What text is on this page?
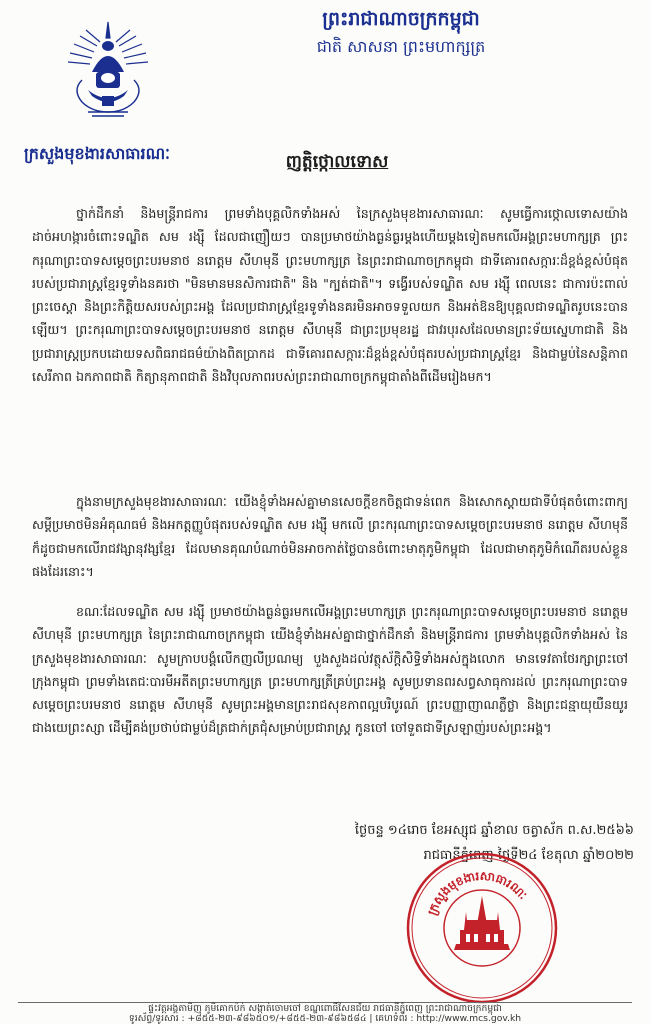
ព្រះរាជាណាចក្រកម្ពុជា
ជាតិ សាសនា ព្រះមហាក្សត្រ
ក្រសួងមុខងារសាធារណៈ	ញត្តិថ្កោលទោស
ថ្នាក់ដឹកនាំ និងមន្ត្រីរាជការ ព្រមទាំងបុគ្គលិកទាំងអស់ នៃក្រសួងមុខងារសាធារណៈ សូមធ្វើការថ្កោលទោសយ៉ាងដាច់អហង្ការចំពោះទណ្ឌិត សម រង្ស៊ី ដែលជាញឿយៗ បានប្រមាថយ៉ាងធ្ងន់ធ្ងរម្តងហើយម្តងទៀតមកលើអង្គព្រះមហាក្សត្រ ព្រះករុណាព្រះបាទសម្តេចព្រះបរមនាថ នរោត្តម សីហមុនី ព្រះមហាក្សត្រ នៃព្រះរាជាណាចក្រកម្ពុជា ជាទីគោរពសក្ការៈដ៏ខ្ពង់ខ្ពស់បំផុតរបស់ប្រជារាស្ត្រខ្មែរទូទាំងនគរថា "មិនមានមនសិការជាតិ" និង "ក្បត់ជាតិ"។ ទង្វើរបស់ទណ្ឌិត សម រង្ស៊ី ពេលនេះ ជាការប៉ះពាល់ព្រះចេស្តា និងព្រះកិត្តិយសរបស់ព្រះអង្គ ដែលប្រជារាស្ត្រខ្មែរទូទាំងនគរមិនអាចទទួលយក និងអត់ឱនឱ្យបុគ្គលជាទណ្ឌិតរូបនេះបានឡើយ។ ព្រះករុណាព្រះបាទសម្តេចព្រះបរមនាថ នរោត្តម សីហមុនី ជាព្រះប្រមុខរដ្ឋ ជាវរបុរសដែលមានព្រះទ័យស្នេហាជាតិ និងប្រជារាស្ត្រប្រកបដោយទសពិធរាជធម៌យ៉ាងពិតប្រាកដ ជាទីគោរពសក្ការៈដ៏ខ្ពង់ខ្ពស់បំផុតរបស់ប្រជារាស្ត្រខ្មែរ និងជាម្លប់នៃសន្តិភាព សេរីភាព ឯកភាពជាតិ កិត្យានុភាពជាតិ និងវិបុលភាពរបស់ព្រះរាជាណាចក្រកម្ពុជាតាំងពីដើមរៀងមក។
ក្នុងនាមក្រសួងមុខងារសាធារណៈ យើងខ្ញុំទាំងអស់គ្នាមានសេចក្តីខកចិត្តជាទន់ពេក និងសោកស្តាយជាទីបំផុតចំពោះពាក្យសម្តីប្រមាថមិនអំគុណធម៌ និងអកត្តញ្ញូបំផុតរបស់ទណ្ឌិត សម រង្ស៊ី មកលើ ព្រះករុណាព្រះបាទសម្តេចព្រះបរមនាថ នរោត្តម សីហមុនី ក៏ដូចជាមកលើរាជវង្សានុវង្សខ្មែរ ដែលមានគុណបំណាច់មិនអាចកាត់ថ្លៃបានចំពោះមាតុភូមិកម្ពុជា ដែលជាមាតុភូមិកំណើតរបស់ខ្លួនផងដែរនោះ។
ខណៈដែលទណ្ឌិត សម រង្ស៊ី ប្រមាថយ៉ាងធ្ងន់ធ្ងរមកលើអង្គព្រះមហាក្សត្រ ព្រះករុណាព្រះបាទសម្តេចព្រះបរមនាថ នរោត្តម សីហមុនី ព្រះមហាក្សត្រ នៃព្រះរាជាណាចក្រកម្ពុជា យើងខ្ញុំទាំងអស់គ្នាជាថ្នាក់ដឹកនាំ និងមន្ត្រីរាជការ ព្រមទាំងបុគ្គលិកទាំងអស់ នៃក្រសួងមុខងារសាធារណៈ សូមក្រាបបង្គំលើកញលីប្រណម្យ បួងសួងដល់វត្ថុស័ក្តិសិទ្ធិទាំងអស់ក្នុងលោក មានទេវតាថែរក្សាព្រះចៅក្រុងកម្ពុជា ព្រមទាំងតេជៈបារមីអតីតព្រះមហាក្សត្រ ព្រះមហាក្សត្រីគ្រប់ព្រះអង្គ សូមប្រទានពរសព្វសាធុការដល់ ព្រះករុណាព្រះបាទសម្តេចព្រះបរមនាថ នរោត្តម សីហមុនី សូមព្រះអង្គមានព្រះរាជសុខភាពល្អបរិបូរណ៍ ព្រះបញ្ញាញាណភ្លឺថ្លា និងព្រះជន្មាយុយឺនយូរជាងយេព្រះស្សា ដើម្បីគង់ប្រថាប់ជាម្លប់ដ៏ត្រជាក់ត្រជុំសម្រាប់ប្រជារាស្ត្រ កូនចៅ ចៅទួតជាទីស្រឡាញ់របស់ព្រះអង្គ។
ថ្ងៃចន្ទ ១៤រោច ខែអស្សុជ ឆ្នាំខាល ចត្វាស័ក ព.ស.២៥៦៦
រាជធានីភ្នំពេញ ថ្ងៃទី២៤ ខែតុលា ឆ្នាំ២០២២
ក្រសួងមុខងារសាធារណៈ
ផ្ទះវត្តអង្គតាមិញ ភូមិគោកប៉ក់ សង្កាត់ចោមចៅ ខណ្ឌពោធិ៍សែនជ័យ រាជធានីភ្នំពេញ ព្រះរាជាណាចក្រកម្ពុជា
ទូរស័ព្ទ/ទូរសារ : +៨៥៥-២៣-៩៨៦៥០១/+៨៥៥-២៣-៩៨៦៥៨៤ | គេហទំព័រ : http://www.mcs.gov.kh
